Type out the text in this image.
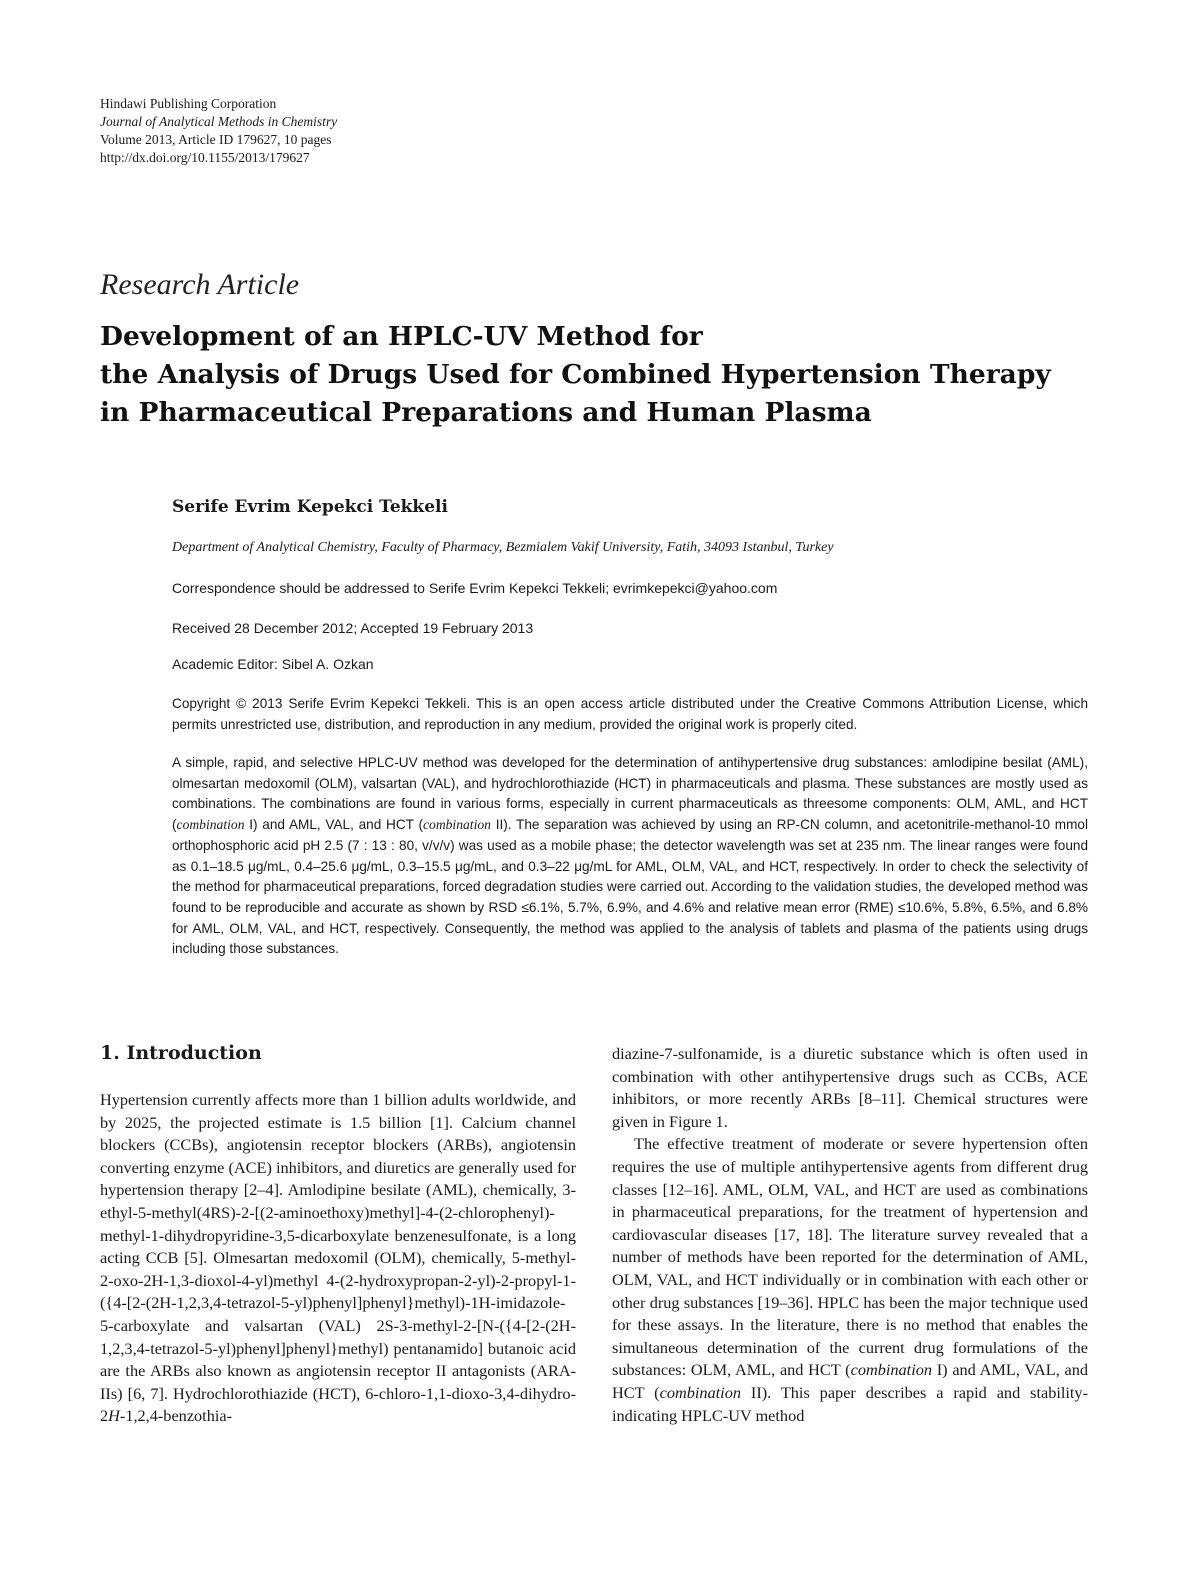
Hindawi Publishing Corporation
Journal of Analytical Methods in Chemistry
Volume 2013, Article ID 179627, 10 pages
http://dx.doi.org/10.1155/2013/179627
Research Article
Development of an HPLC-UV Method for
the Analysis of Drugs Used for Combined Hypertension Therapy
in Pharmaceutical Preparations and Human Plasma
Serife Evrim Kepekci Tekkeli
Department of Analytical Chemistry, Faculty of Pharmacy, Bezmialem Vakif University, Fatih, 34093 Istanbul, Turkey
Correspondence should be addressed to Serife Evrim Kepekci Tekkeli; evrimkepekci@yahoo.com
Received 28 December 2012; Accepted 19 February 2013
Academic Editor: Sibel A. Ozkan
Copyright © 2013 Serife Evrim Kepekci Tekkeli. This is an open access article distributed under the Creative Commons Attribution License, which permits unrestricted use, distribution, and reproduction in any medium, provided the original work is properly cited.
A simple, rapid, and selective HPLC-UV method was developed for the determination of antihypertensive drug substances: amlodipine besilat (AML), olmesartan medoxomil (OLM), valsartan (VAL), and hydrochlorothiazide (HCT) in pharmaceuticals and plasma. These substances are mostly used as combinations. The combinations are found in various forms, especially in current pharmaceuticals as threesome components: OLM, AML, and HCT (combination I) and AML, VAL, and HCT (combination II). The separation was achieved by using an RP-CN column, and acetonitrile-methanol-10 mmol orthophosphoric acid pH 2.5 (7 : 13 : 80, v/v/v) was used as a mobile phase; the detector wavelength was set at 235 nm. The linear ranges were found as 0.1–18.5 μg/mL, 0.4–25.6 μg/mL, 0.3–15.5 μg/mL, and 0.3–22 μg/mL for AML, OLM, VAL, and HCT, respectively. In order to check the selectivity of the method for pharmaceutical preparations, forced degradation studies were carried out. According to the validation studies, the developed method was found to be reproducible and accurate as shown by RSD ≤6.1%, 5.7%, 6.9%, and 4.6% and relative mean error (RME) ≤10.6%, 5.8%, 6.5%, and 6.8% for AML, OLM, VAL, and HCT, respectively. Consequently, the method was applied to the analysis of tablets and plasma of the patients using drugs including those substances.
1. Introduction

Hypertension currently affects more than 1 billion adults worldwide, and by 2025, the projected estimate is 1.5 billion [1]. Calcium channel blockers (CCBs), angiotensin receptor blockers (ARBs), angiotensin converting enzyme (ACE) inhibitors, and diuretics are generally used for hypertension therapy [2–4]. Amlodipine besilate (AML), chemically, 3-ethyl-5-methyl(4RS)-2-[(2-aminoethoxy)methyl]-4-(2-chlorophenyl)-methyl-1-dihydropyridine-3,5-dicarboxylate benzenesulfonate, is a long acting CCB [5]. Olmesartan medoxomil (OLM), chemically, 5-methyl-2-oxo-2H-1,3-dioxol-4-yl)methyl 4-(2-hydroxypropan-2-yl)-2-propyl-1-({4-[2-(2H-1,2,3,4-tetrazol-5-yl)phenyl]phenyl}methyl)-1H-imidazole-5-carboxylate and valsartan (VAL) 2S-3-methyl-2-[N-({4-[2-(2H-1,2,3,4-tetrazol-5-yl)phenyl]phenyl}methyl) pentanamido] butanoic acid are the ARBs also known as angiotensin receptor II antagonists (ARA-IIs) [6, 7]. Hydrochlorothiazide (HCT), 6-chloro-1,1-dioxo-3,4-dihydro-2H-1,2,4-benzothia-

diazine-7-sulfonamide, is a diuretic substance which is often used in combination with other antihypertensive drugs such as CCBs, ACE inhibitors, or more recently ARBs [8–11]. Chemical structures were given in Figure 1.

The effective treatment of moderate or severe hypertension often requires the use of multiple antihypertensive agents from different drug classes [12–16]. AML, OLM, VAL, and HCT are used as combinations in pharmaceutical preparations, for the treatment of hypertension and cardiovascular diseases [17, 18]. The literature survey revealed that a number of methods have been reported for the determination of AML, OLM, VAL, and HCT individually or in combination with each other or other drug substances [19–36]. HPLC has been the major technique used for these assays. In the literature, there is no method that enables the simultaneous determination of the current drug formulations of the substances: OLM, AML, and HCT (combination I) and AML, VAL, and HCT (combination II). This paper describes a rapid and stability-indicating HPLC-UV method
